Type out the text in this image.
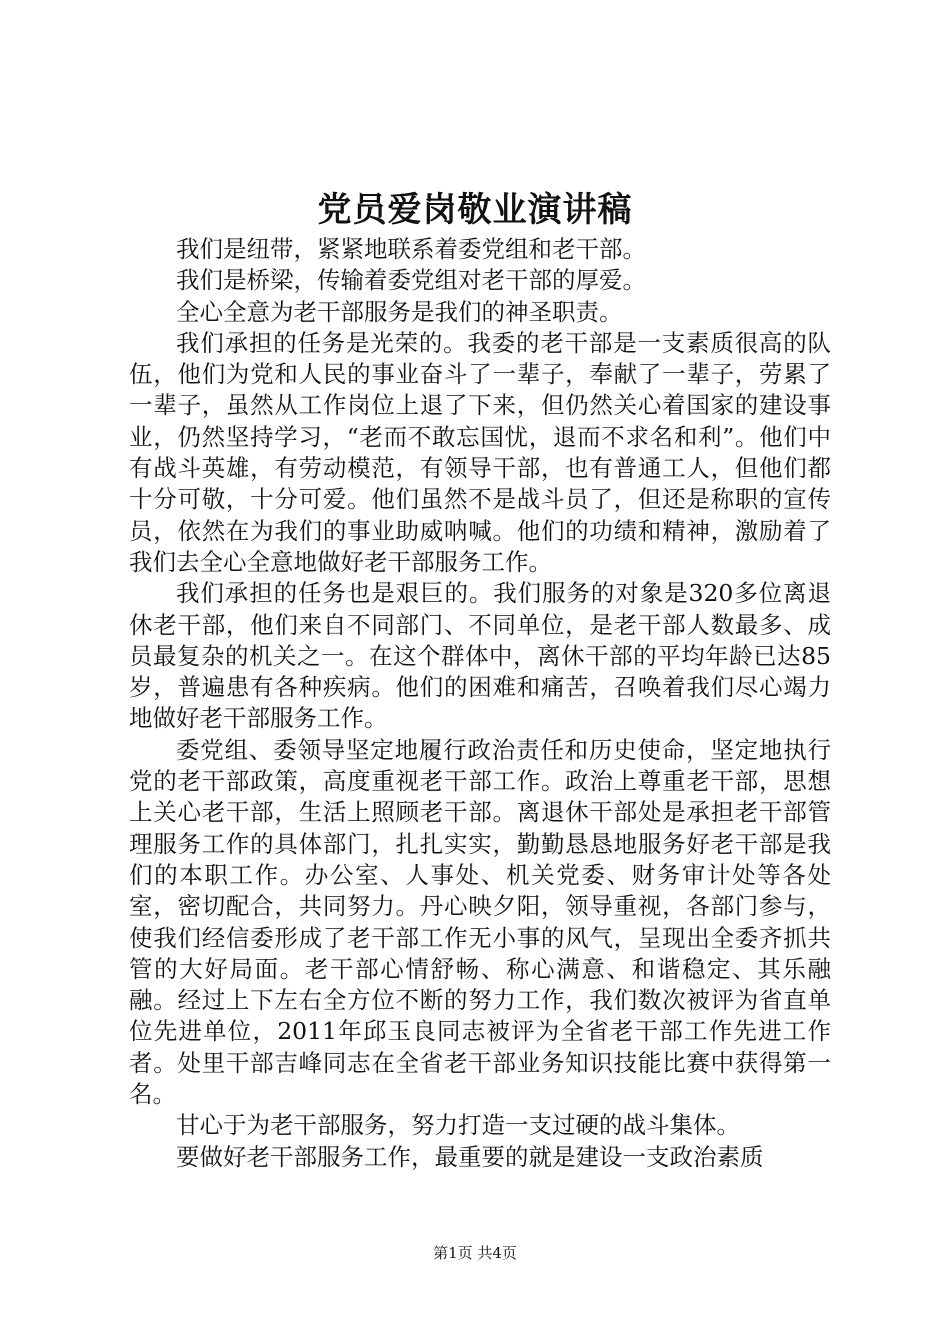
党员爱岗敬业演讲稿

我们是纽带，紧紧地联系着委党组和老干部。

我们是桥梁，传输着委党组对老干部的厚爱。

全心全意为老干部服务是我们的神圣职责。

我们承担的任务是光荣的。我委的老干部是一支素质很高的队伍，他们为党和人民的事业奋斗了一辈子，奉献了一辈子，劳累了一辈子，虽然从工作岗位上退了下来，但仍然关心着国家的建设事业，仍然坚持学习，“老而不敢忘国忧，退而不求名和利”。他们中有战斗英雄，有劳动模范，有领导干部，也有普通工人，但他们都十分可敬，十分可爱。他们虽然不是战斗员了，但还是称职的宣传员，依然在为我们的事业助威呐喊。他们的功绩和精神，激励着了我们去全心全意地做好老干部服务工作。

我们承担的任务也是艰巨的。我们服务的对象是320多位离退休老干部，他们来自不同部门、不同单位，是老干部人数最多、成员最复杂的机关之一。在这个群体中，离休干部的平均年龄已达85岁，普遍患有各种疾病。他们的困难和痛苦，召唤着我们尽心竭力地做好老干部服务工作。

委党组、委领导坚定地履行政治责任和历史使命，坚定地执行党的老干部政策，高度重视老干部工作。政治上尊重老干部，思想上关心老干部，生活上照顾老干部。离退休干部处是承担老干部管理服务工作的具体部门，扎扎实实，勤勤恳恳地服务好老干部是我们的本职工作。办公室、人事处、机关党委、财务审计处等各处室，密切配合，共同努力。丹心映夕阳，领导重视，各部门参与，使我们经信委形成了老干部工作无小事的风气，呈现出全委齐抓共管的大好局面。老干部心情舒畅、称心满意、和谐稳定、其乐融融。经过上下左右全方位不断的努力工作，我们数次被评为省直单位先进单位，2011年邱玉良同志被评为全省老干部工作先进工作者。处里干部吉峰同志在全省老干部业务知识技能比赛中获得第一名。

甘心于为老干部服务，努力打造一支过硬的战斗集体。

要做好老干部服务工作，最重要的就是建设一支政治素质

第1页 共4页
